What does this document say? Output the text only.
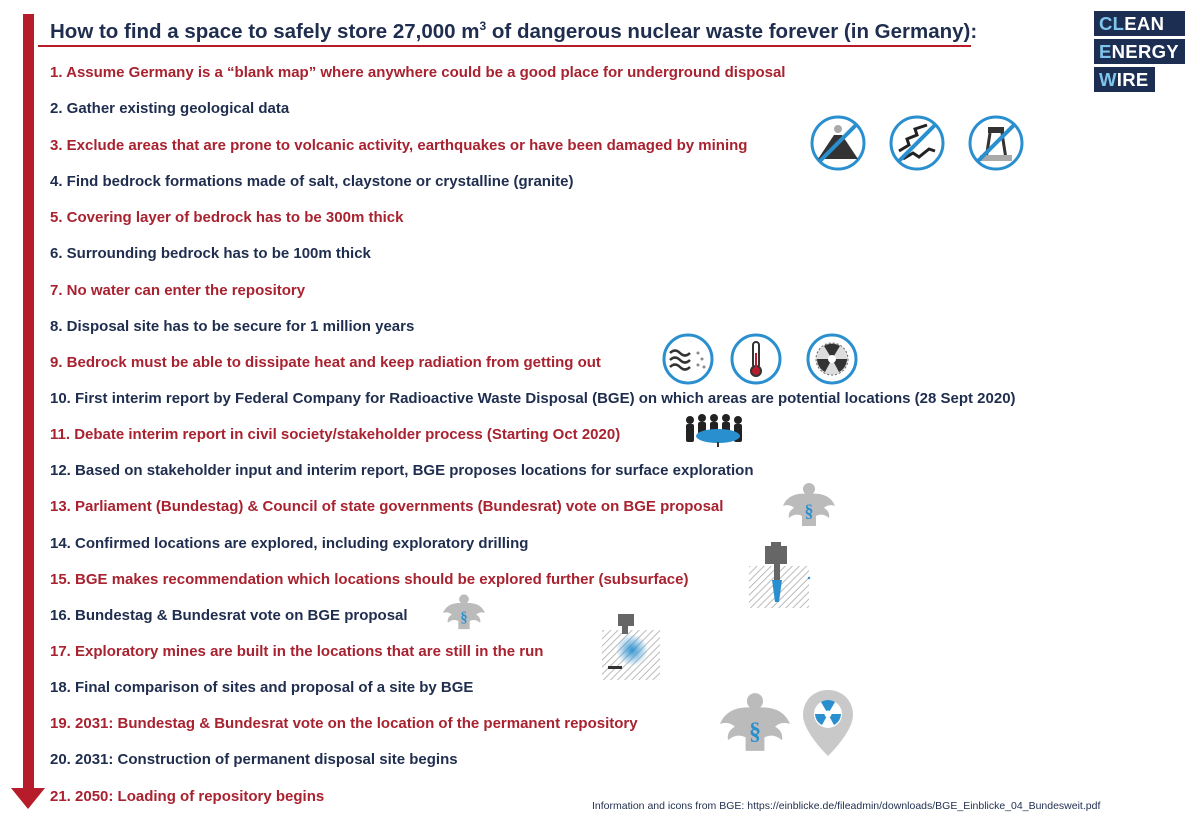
How to find a space to safely store 27,000 $m^3$ of dangerous nuclear waste forever (in Germany):	CLEAN
ENERGY
WIRE
1. Assume Germany is a “blank map” where anywhere could be a good place for underground disposal
2. Gather existing geological data
3. Exclude areas that are prone to volcanic activity, earthquakes or have been damaged by mining
4. Find bedrock formations made of salt, claystone or crystalline (granite)
5. Covering layer of bedrock has to be 300m thick
6. Surrounding bedrock has to be 100m thick
7. No water can enter the repository
8. Disposal site has to be secure for 1 million years
9. Bedrock must be able to dissipate heat and keep radiation from getting out
10. First interim report by Federal Company for Radioactive Waste Disposal (BGE) on which areas are potential locations (28 Sept 2020)
11. Debate interim report in civil society/stakeholder process (Starting Oct 2020)
12. Based on stakeholder input and interim report, BGE proposes locations for surface exploration
13. Parliament (Bundestag) & Council of state governments (Bundesrat) vote on BGE proposal
14. Confirmed locations are explored, including exploratory drilling
15. BGE makes recommendation which locations should be explored further (subsurface)
16. Bundestag & Bundesrat vote on BGE proposal
17. Exploratory mines are built in the locations that are still in the run
18. Final comparison of sites and proposal of a site by BGE
19. 2031: Bundestag & Bundesrat vote on the location of the permanent repository
20. 2031: Construction of permanent disposal site begins
21. 2050: Loading of repository begins
§
§
§
Information and icons from BGE: https://einblicke.de/fileadmin/downloads/BGE_Einblicke_04_Bundesweit.pdf
